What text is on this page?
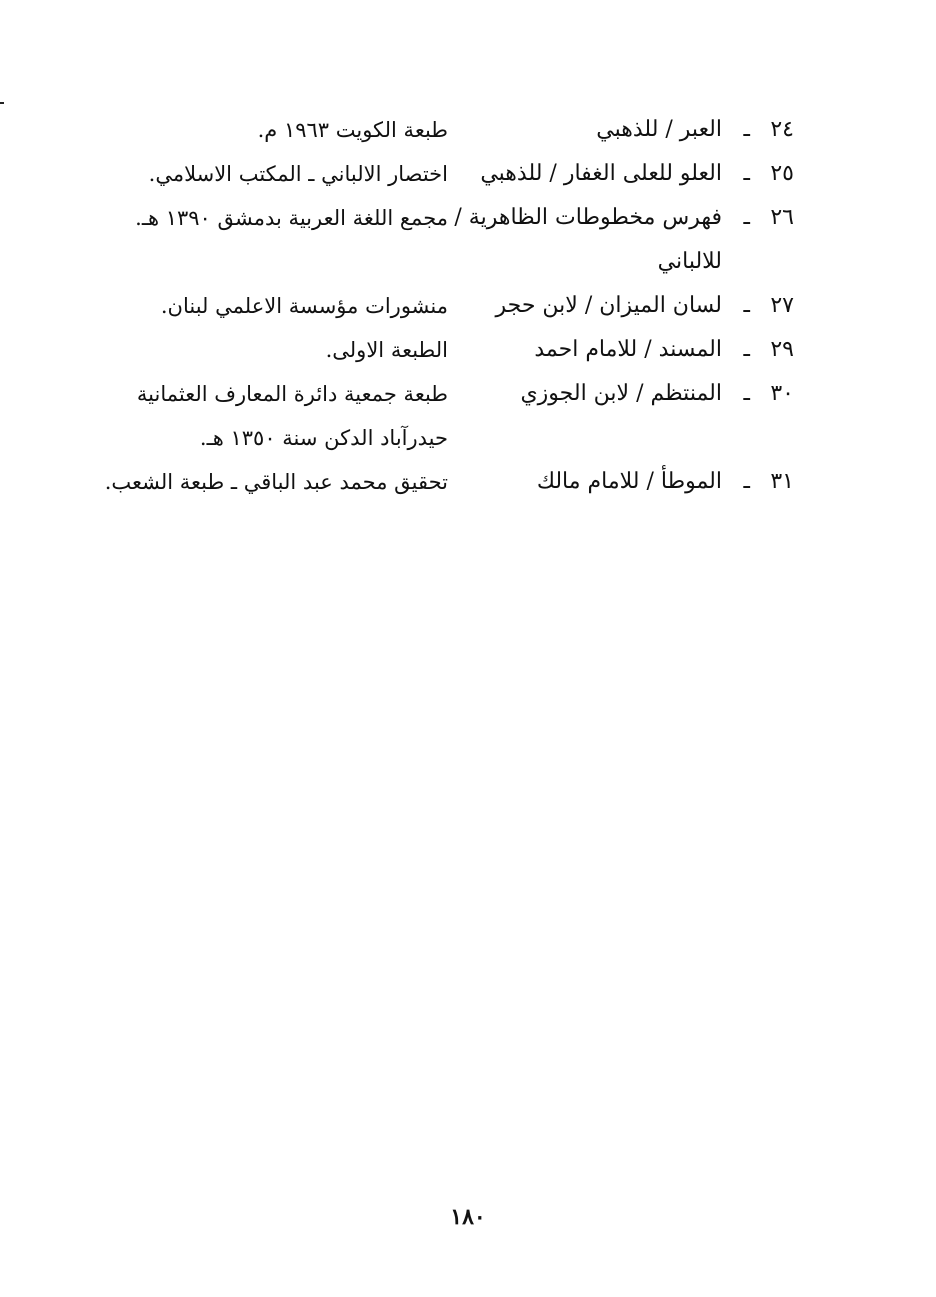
٢٤
ـ
العبر / للذهبي
طبعة الكويت ١٩٦٣ م.
٢٥
ـ
العلو للعلى الغفار / للذهبي
اختصار الالباني ـ المكتب الاسلامي.
٢٦
ـ
فهرس مخطوطات الظاهرية /
مجمع اللغة العربية بدمشق ١٣٩٠ هـ.
للالباني
٢٧
ـ
لسان الميزان / لابن حجر
منشورات مؤسسة الاعلمي لبنان.
٢٩
ـ
المسند / للامام احمد
الطبعة الاولى.
٣٠
ـ
المنتظم / لابن الجوزي
طبعة جمعية دائرة المعارف العثمانية
حيدرآباد الدكن سنة ١٣٥٠ هـ.
٣١
ـ
الموطأ / للامام مالك
تحقيق محمد عبد الباقي ـ طبعة الشعب.
١٨٠
